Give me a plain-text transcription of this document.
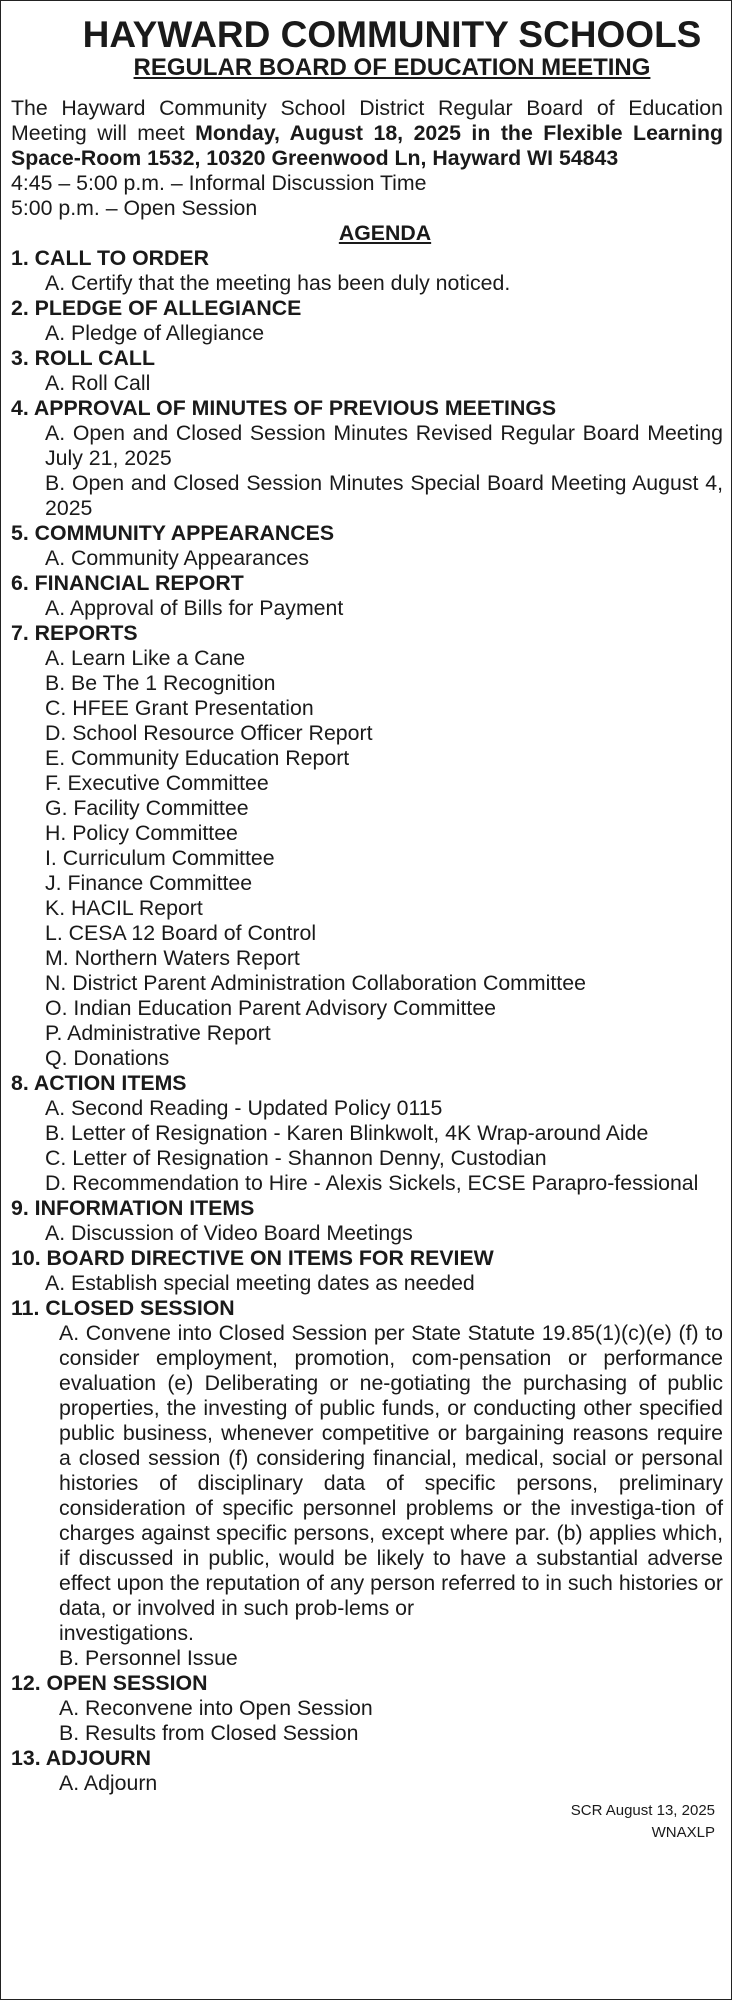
HAYWARD COMMUNITY SCHOOLS
REGULAR BOARD OF EDUCATION MEETING
The Hayward Community School District Regular Board of Education Meeting will meet Monday, August 18, 2025 in the Flexible Learning Space-Room 1532, 10320 Greenwood Ln, Hayward WI 54843
4:45 – 5:00 p.m. – Informal Discussion Time
5:00 p.m. – Open Session
AGENDA
1. CALL TO ORDER
A. Certify that the meeting has been duly noticed.
2. PLEDGE OF ALLEGIANCE
A. Pledge of Allegiance
3. ROLL CALL
A. Roll Call
4. APPROVAL OF MINUTES OF PREVIOUS MEETINGS
A. Open and Closed Session Minutes Revised Regular Board Meeting July 21, 2025
B. Open and Closed Session Minutes Special Board Meeting August 4, 2025
5. COMMUNITY APPEARANCES
A. Community Appearances
6. FINANCIAL REPORT
A. Approval of Bills for Payment
7. REPORTS
A. Learn Like a Cane
B. Be The 1 Recognition
C. HFEE Grant Presentation
D. School Resource Officer Report
E. Community Education Report
F. Executive Committee
G. Facility Committee
H. Policy Committee
I. Curriculum Committee
J. Finance Committee
K. HACIL Report
L. CESA 12 Board of Control
M. Northern Waters Report
N. District Parent Administration Collaboration Committee
O. Indian Education Parent Advisory Committee
P. Administrative Report
Q. Donations
8. ACTION ITEMS
A. Second Reading - Updated Policy 0115
B. Letter of Resignation - Karen Blinkwolt, 4K Wrap-around Aide
C. Letter of Resignation - Shannon Denny, Custodian
D. Recommendation to Hire - Alexis Sickels, ECSE Parapro-fessional
9. INFORMATION ITEMS
A. Discussion of Video Board Meetings
10. BOARD DIRECTIVE ON ITEMS FOR REVIEW
A. Establish special meeting dates as needed
11. CLOSED SESSION
A. Convene into Closed Session per State Statute 19.85(1)(c)(e) (f) to consider employment, promotion, com-pensation or performance evaluation (e) Deliberating or ne-gotiating the purchasing of public properties, the investing of public funds, or conducting other specified public business, whenever competitive or bargaining reasons require a closed session (f) considering financial, medical, social or personal histories of disciplinary data of specific persons, preliminary consideration of specific personnel problems or the investiga-tion of charges against specific persons, except where par. (b) applies which, if discussed in public, would be likely to have a substantial adverse effect upon the reputation of any person referred to in such histories or data, or involved in such prob-lems or
investigations.
B. Personnel Issue
12. OPEN SESSION
A. Reconvene into Open Session
B. Results from Closed Session
13. ADJOURN
A. Adjourn
SCR August 13, 2025
WNAXLP
